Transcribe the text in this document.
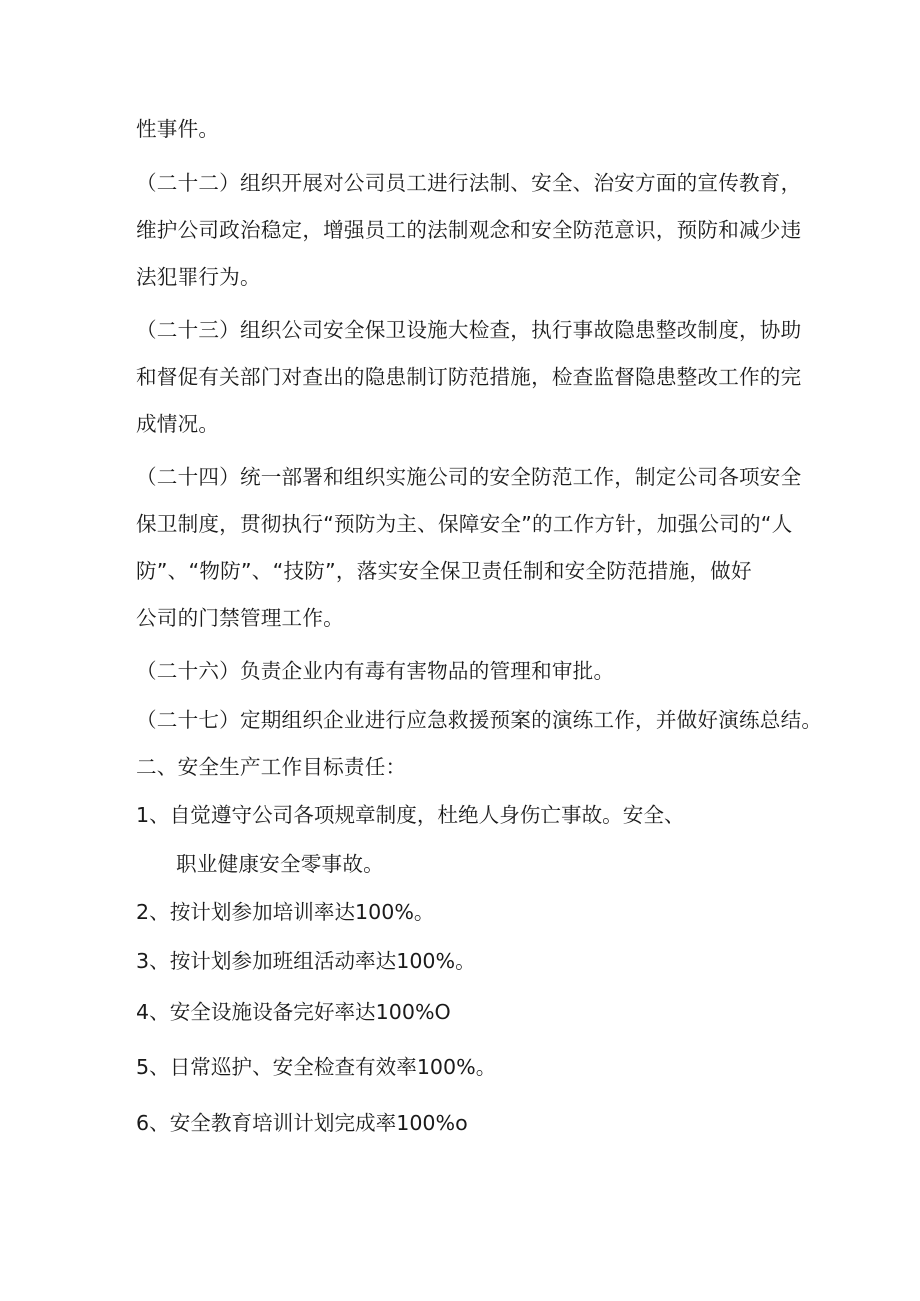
性事件。
（二十二）组织开展对公司员工进行法制、安全、治安方面的宣传教育，
维护公司政治稳定，增强员工的法制观念和安全防范意识，预防和减少违
法犯罪行为。
（二十三）组织公司安全保卫设施大检查，执行事故隐患整改制度，协助
和督促有关部门对查出的隐患制订防范措施，检查监督隐患整改工作的完
成情况。
（二十四）统一部署和组织实施公司的安全防范工作，制定公司各项安全
保卫制度，贯彻执行“预防为主、保障安全”的工作方针，加强公司的“人
防”、“物防”、“技防”，落实安全保卫责任制和安全防范措施，做好
公司的门禁管理工作。
（二十六）负责企业内有毒有害物品的管理和审批。
（二十七）定期组织企业进行应急救援预案的演练工作，并做好演练总结。
二、安全生产工作目标责任：
1、自觉遵守公司各项规章制度，杜绝人身伤亡事故。安全、
职业健康安全零事故。
2、按计划参加培训率达100%。
3、按计划参加班组活动率达100%。
4、安全设施设备完好率达100%O
5、日常巡护、安全检查有效率100%。
6、安全教育培训计划完成率100%o
